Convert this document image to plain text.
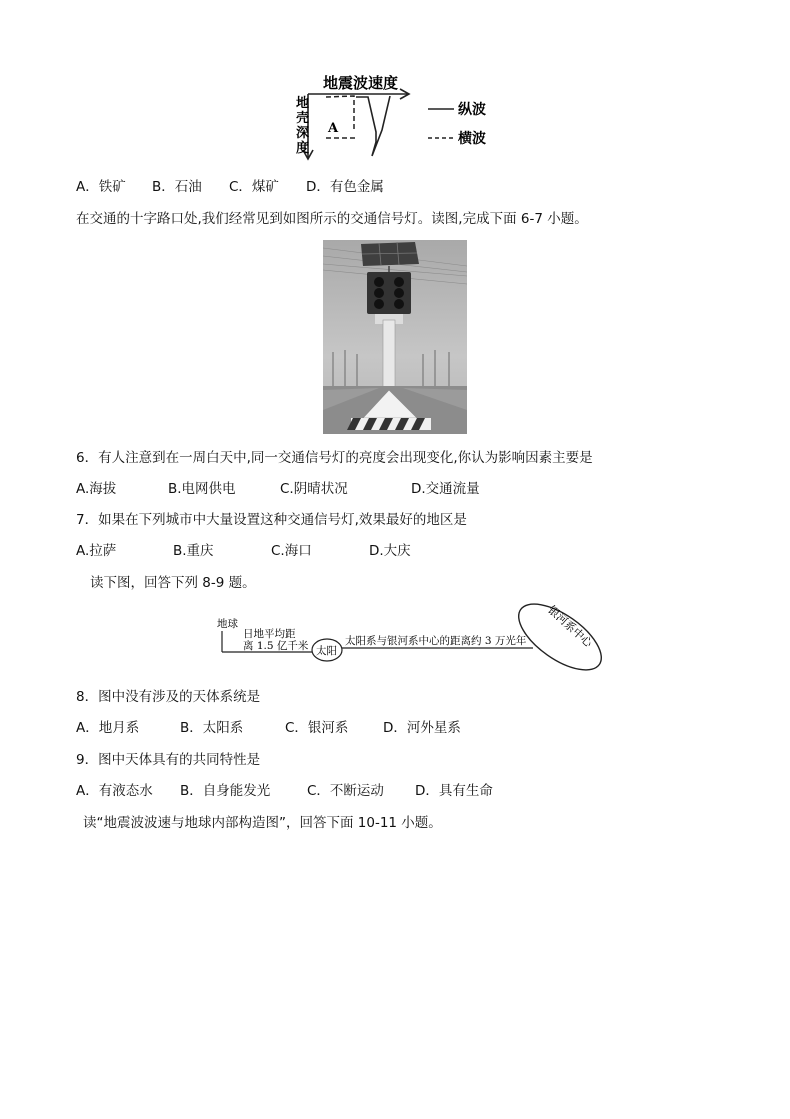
地震波速度
地
壳
深
度
A
纵波
横波
A．铁矿 B．石油 C．煤矿 D．有色金属
在交通的十字路口处,我们经常见到如图所示的交通信号灯。读图,完成下面 6-7 小题。
6．有人注意到在一周白天中,同一交通信号灯的亮度会出现变化,你认为影响因素主要是
A.海拔	B.电网供电	C.阴晴状况	D.交通流量
7．如果在下列城市中大量设置这种交通信号灯,效果最好的地区是
A.拉萨	B.重庆	C.海口	D.大庆
读下图，回答下列 8-9 题。
地球
日地平均距
离 1.5 亿千米 太阳
太阳系与银河系中心的距离约 3 万光年 银河系中心
8．图中没有涉及的天体系统是
A．地月系	B．太阳系	C．银河系	D．河外星系
9．图中天体具有的共同特性是
A．有液态水 B．自身能发光	C．不断运动 D．具有生命
读“地震波波速与地球内部构造图”，回答下面 10-11 小题。
